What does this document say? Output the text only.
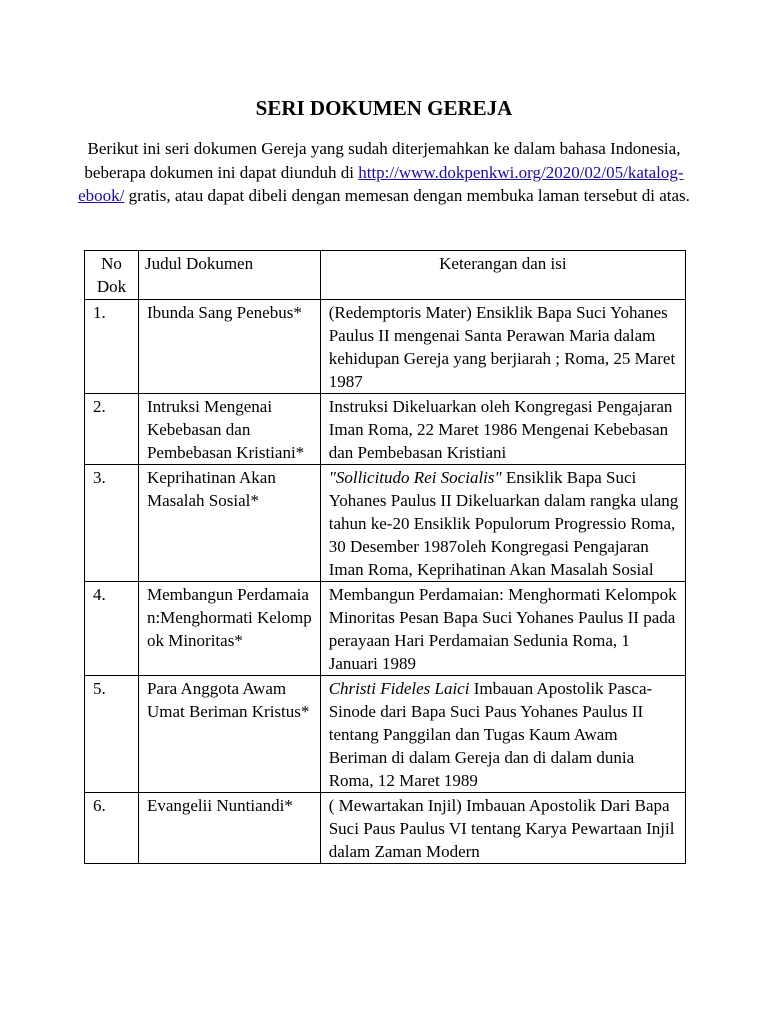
SERI DOKUMEN GEREJA

Berikut ini seri dokumen Gereja yang sudah diterjemahkan ke dalam bahasa Indonesia, beberapa dokumen ini dapat diunduh di http://www.dokpenkwi.org/2020/02/05/katalog-ebook/ gratis, atau dapat dibeli dengan memesan dengan membuka laman tersebut di atas.

No Dok	Judul Dokumen	Keterangan dan isi
1.	Ibunda Sang Penebus*	(Redemptoris Mater) Ensiklik Bapa Suci Yohanes Paulus II mengenai Santa Perawan Maria dalam kehidupan Gereja yang berjiarah ; Roma, 25 Maret 1987
2.	Intruksi Mengenai Kebebasan dan Pembebasan Kristiani*	Instruksi Dikeluarkan oleh Kongregasi Pengajaran Iman Roma, 22 Maret 1986 Mengenai Kebebasan dan Pembebasan Kristiani
3.	Keprihatinan Akan Masalah Sosial*	"Sollicitudo Rei Socialis" Ensiklik Bapa Suci Yohanes Paulus II Dikeluarkan dalam rangka ulang tahun ke-20 Ensiklik Populorum Progressio Roma, 30 Desember 1987oleh Kongregasi Pengajaran Iman Roma, Keprihatinan Akan Masalah Sosial
4.	Membangun Perdamaian:Menghormati Kelompok Minoritas*	Membangun Perdamaian: Menghormati Kelompok Minoritas Pesan Bapa Suci Yohanes Paulus II pada perayaan Hari Perdamaian Sedunia Roma, 1 Januari 1989
5.	Para Anggota Awam Umat Beriman Kristus*	Christi Fideles Laici Imbauan Apostolik Pasca-Sinode dari Bapa Suci Paus Yohanes Paulus II tentang Panggilan dan Tugas Kaum Awam Beriman di dalam Gereja dan di dalam dunia Roma, 12 Maret 1989
6.	Evangelii Nuntiandi*	( Mewartakan Injil) Imbauan Apostolik Dari Bapa Suci Paus Paulus VI tentang Karya Pewartaan Injil dalam Zaman Modern
